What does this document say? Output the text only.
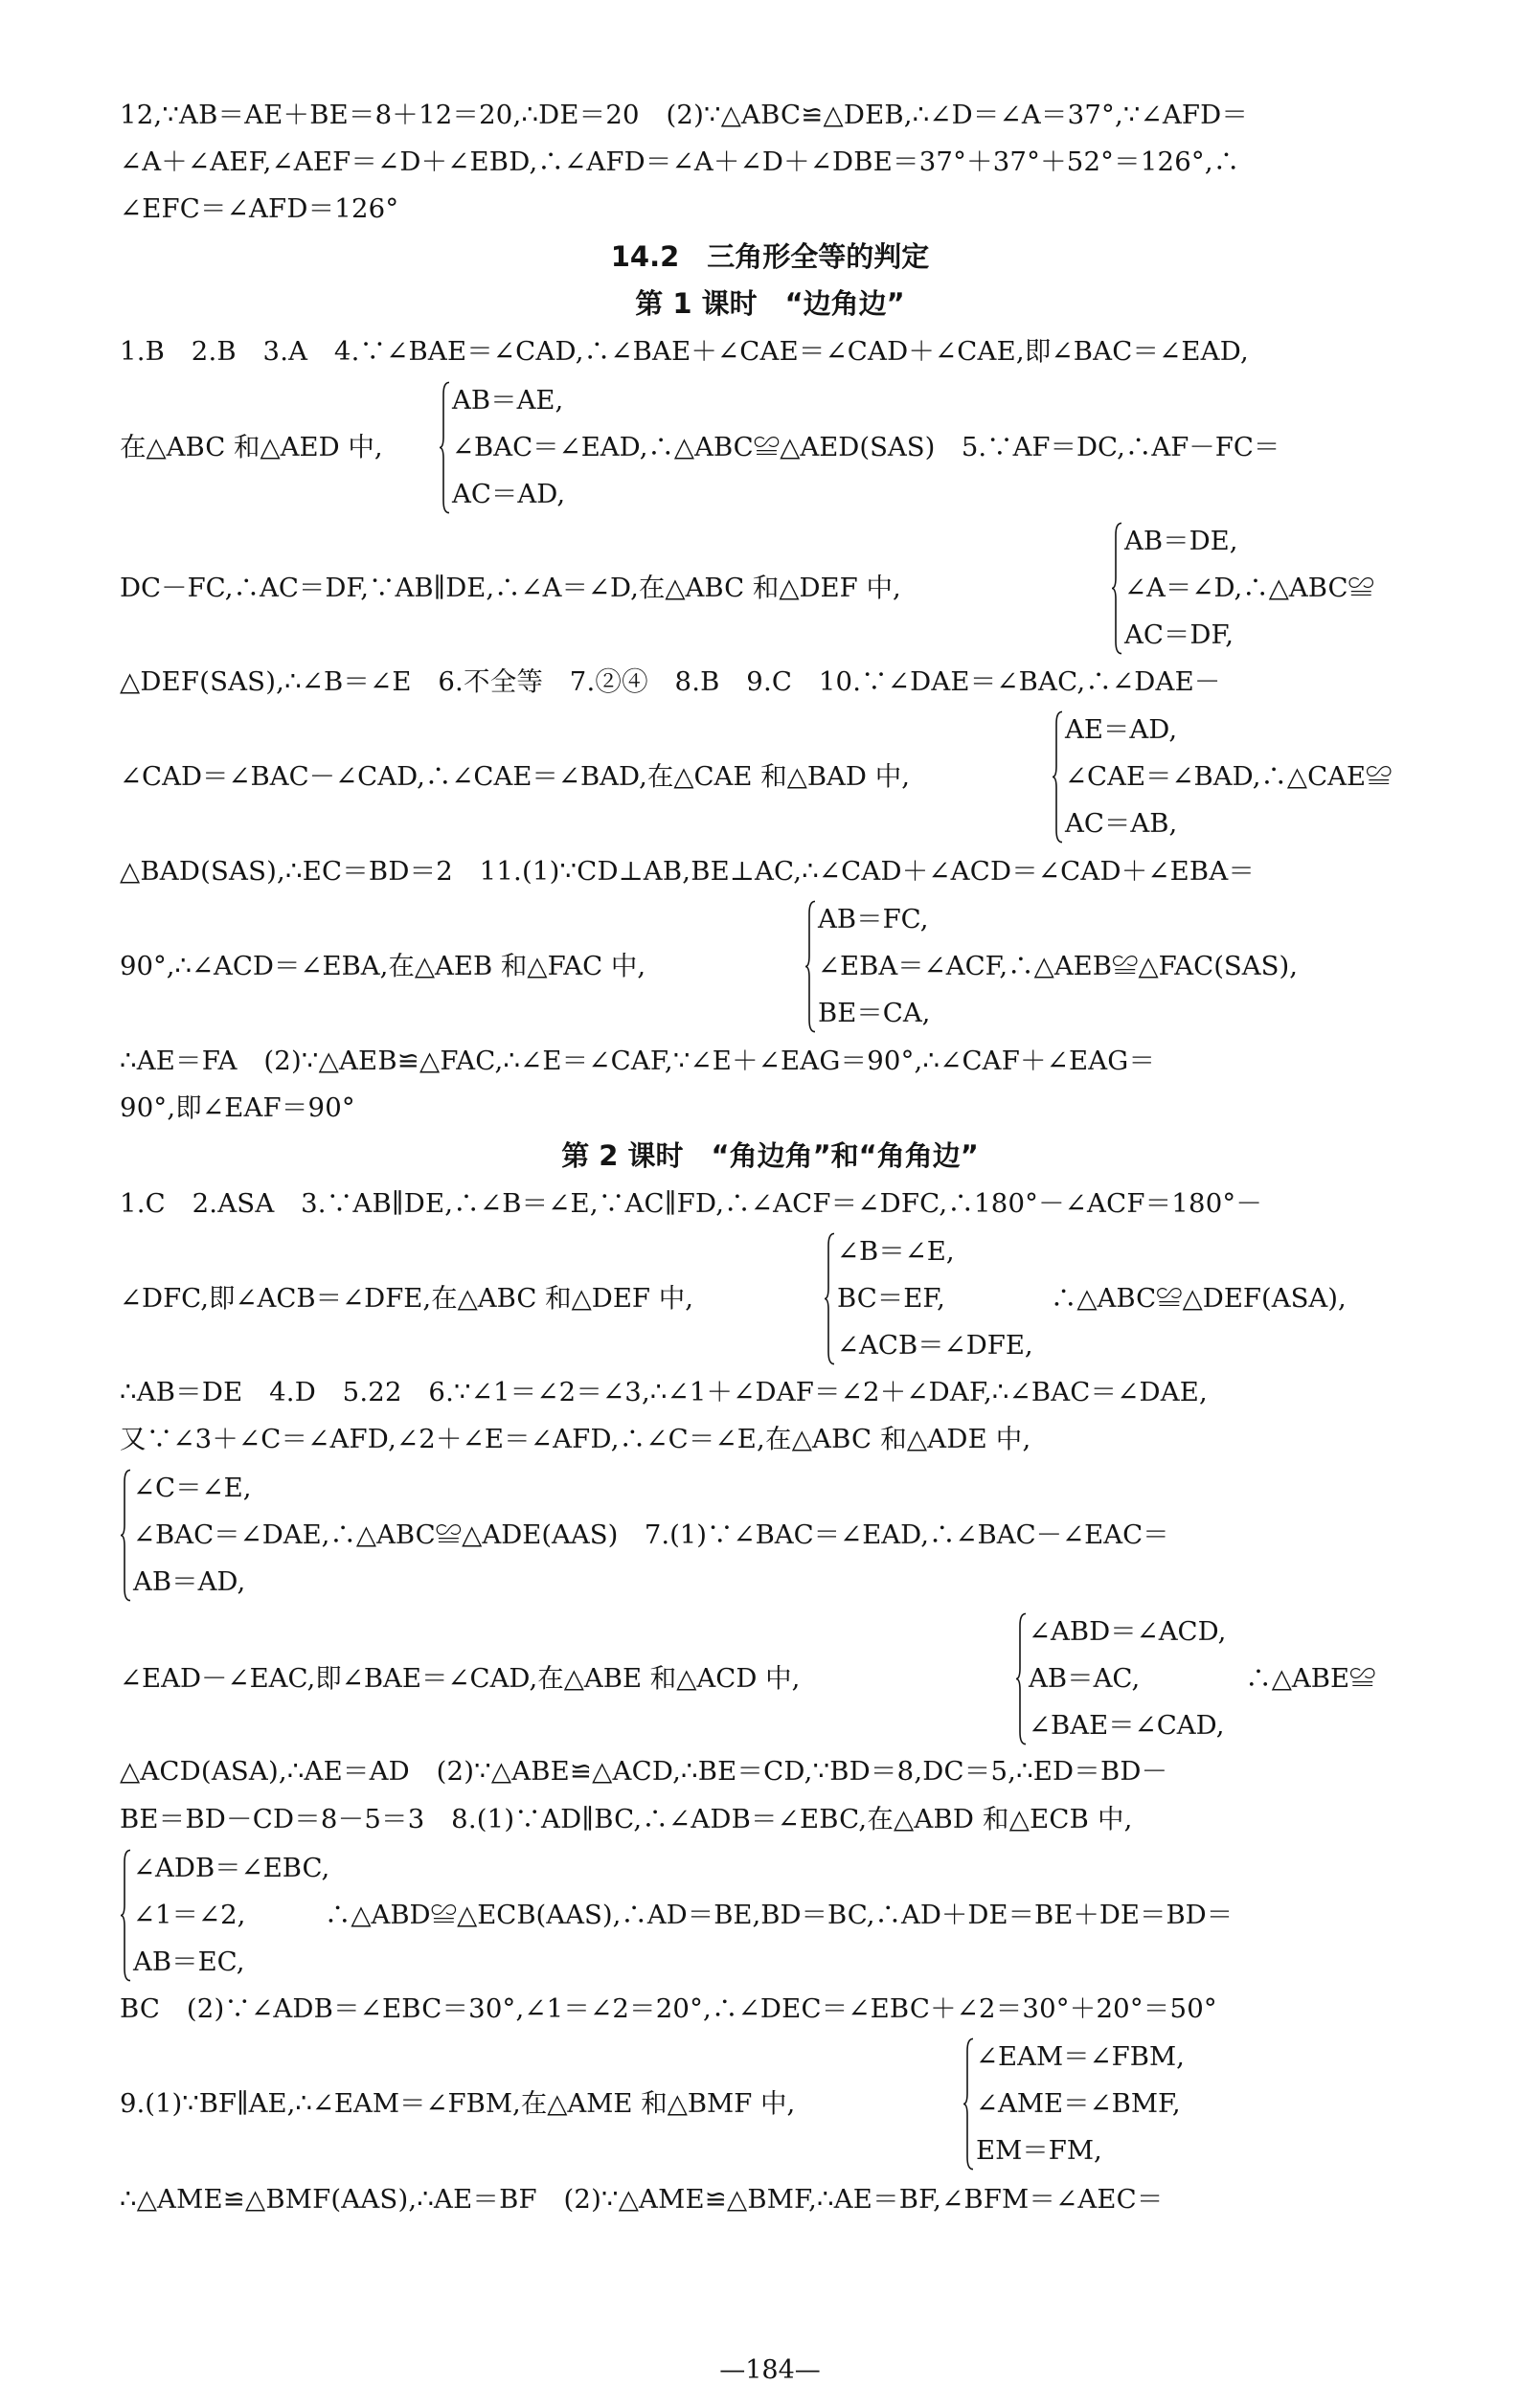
12,∵AB＝AE＋BE＝8＋12＝20,∴DE＝20　(2)∵△ABC≌△DEB,∴∠D＝∠A＝37°,∵∠AFD＝
∠A＋∠AEF,∠AEF＝∠D＋∠EBD,∴∠AFD＝∠A＋∠D＋∠DBE＝37°＋37°＋52°＝126°,∴
∠EFC＝∠AFD＝126°
14.2　三角形全等的判定
第 1 课时　“边角边”
1.B　2.B　3.A　4.∵∠BAE＝∠CAD,∴∠BAE＋∠CAE＝∠CAD＋∠CAE,即∠BAC＝∠EAD,
在△ABC 和△AED 中,
AB＝AE,
∠BAC＝∠EAD,∴△ABC≌△AED(SAS)　5.∵AF＝DC,∴AF－FC＝
AC＝AD,
DC－FC,∴AC＝DF,∵AB∥DE,∴∠A＝∠D,在△ABC 和△DEF 中,
AB＝DE,
∠A＝∠D,∴△ABC≌
AC＝DF,
△DEF(SAS),∴∠B＝∠E　6.不全等　7.②④　8.B　9.C　10.∵∠DAE＝∠BAC,∴∠DAE－
∠CAD＝∠BAC－∠CAD,∴∠CAE＝∠BAD,在△CAE 和△BAD 中,
AE＝AD,
∠CAE＝∠BAD,∴△CAE≌
AC＝AB,
△BAD(SAS),∴EC＝BD＝2　11.(1)∵CD⊥AB,BE⊥AC,∴∠CAD＋∠ACD＝∠CAD＋∠EBA＝
90°,∴∠ACD＝∠EBA,在△AEB 和△FAC 中,
AB＝FC,
∠EBA＝∠ACF,∴△AEB≌△FAC(SAS),
BE＝CA,
∴AE＝FA　(2)∵△AEB≌△FAC,∴∠E＝∠CAF,∵∠E＋∠EAG＝90°,∴∠CAF＋∠EAG＝
90°,即∠EAF＝90°
第 2 课时　“角边角”和“角角边”
1.C　2.ASA　3.∵AB∥DE,∴∠B＝∠E,∵AC∥FD,∴∠ACF＝∠DFC,∴180°－∠ACF＝180°－
∠DFC,即∠ACB＝∠DFE,在△ABC 和△DEF 中,
∠B＝∠E,
BC＝EF,　　　　∴△ABC≌△DEF(ASA),
∠ACB＝∠DFE,
∴AB＝DE　4.D　5.22　6.∵∠1＝∠2＝∠3,∴∠1＋∠DAF＝∠2＋∠DAF,∴∠BAC＝∠DAE,
又∵∠3＋∠C＝∠AFD,∠2＋∠E＝∠AFD,∴∠C＝∠E,在△ABC 和△ADE 中,
∠C＝∠E,
∠BAC＝∠DAE,∴△ABC≌△ADE(AAS)　7.(1)∵∠BAC＝∠EAD,∴∠BAC－∠EAC＝
AB＝AD,
∠EAD－∠EAC,即∠BAE＝∠CAD,在△ABE 和△ACD 中,
∠ABD＝∠ACD,
AB＝AC,　　　　∴△ABE≌
∠BAE＝∠CAD,
△ACD(ASA),∴AE＝AD　(2)∵△ABE≌△ACD,∴BE＝CD,∵BD＝8,DC＝5,∴ED＝BD－
BE＝BD－CD＝8－5＝3　8.(1)∵AD∥BC,∴∠ADB＝∠EBC,在△ABD 和△ECB 中,
∠ADB＝∠EBC,
∠1＝∠2,　　　∴△ABD≌△ECB(AAS),∴AD＝BE,BD＝BC,∴AD＋DE＝BE＋DE＝BD＝
AB＝EC,
BC　(2)∵∠ADB＝∠EBC＝30°,∠1＝∠2＝20°,∴∠DEC＝∠EBC＋∠2＝30°＋20°＝50°
9.(1)∵BF∥AE,∴∠EAM＝∠FBM,在△AME 和△BMF 中,
∠EAM＝∠FBM,
∠AME＝∠BMF,
EM＝FM,
∴△AME≌△BMF(AAS),∴AE＝BF　(2)∵△AME≌△BMF,∴AE＝BF,∠BFM＝∠AEC＝
—184—
